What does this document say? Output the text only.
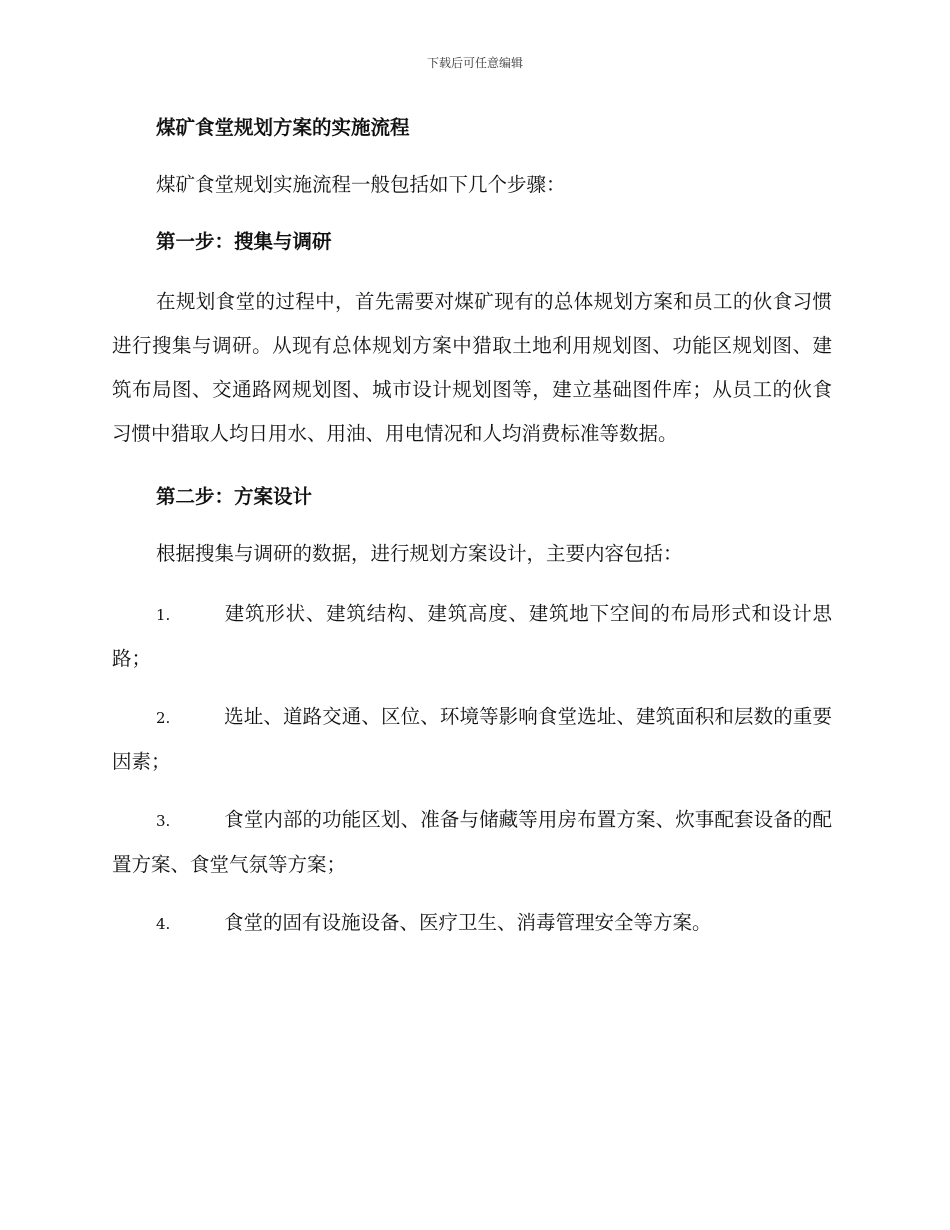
下载后可任意编辑

煤矿食堂规划方案的实施流程

煤矿食堂规划实施流程一般包括如下几个步骤：

第一步：搜集与调研

在规划食堂的过程中，首先需要对煤矿现有的总体规划方案和员工的伙食习惯进行搜集与调研。从现有总体规划方案中猎取土地利用规划图、功能区规划图、建筑布局图、交通路网规划图、城市设计规划图等，建立基础图件库；从员工的伙食习惯中猎取人均日用水、用油、用电情况和人均消费标准等数据。

第二步：方案设计

根据搜集与调研的数据，进行规划方案设计，主要内容包括：

1.	建筑形状、建筑结构、建筑高度、建筑地下空间的布局形式和设计思路；

2.	选址、道路交通、区位、环境等影响食堂选址、建筑面积和层数的重要因素；

3.	食堂内部的功能区划、准备与储藏等用房布置方案、炊事配套设备的配置方案、食堂气氛等方案；

4.	食堂的固有设施设备、医疗卫生、消毒管理安全等方案。
